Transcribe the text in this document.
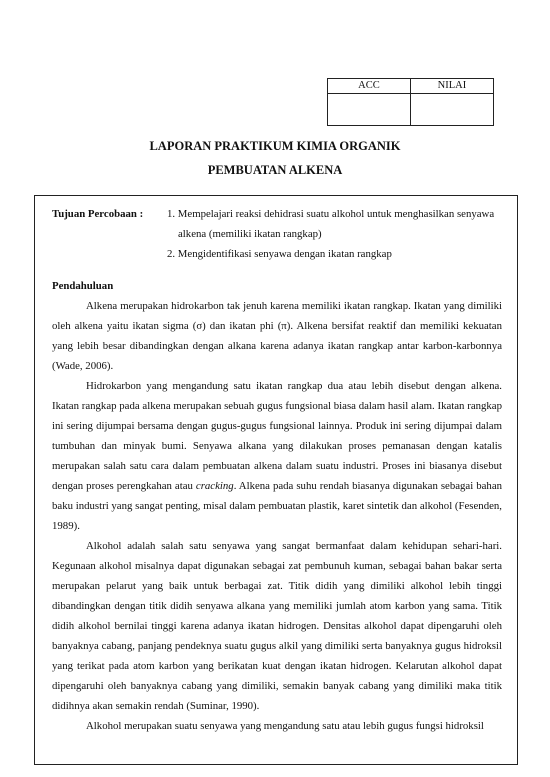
ACC	NILAI

LAPORAN PRAKTIKUM KIMIA ORGANIK
PEMBUATAN ALKENA
Tujuan Percobaan : 1. Mempelajari reaksi dehidrasi suatu alkohol untuk menghasilkan senyawa alkena (memiliki ikatan rangkap)
2. Mengidentifikasi senyawa dengan ikatan rangkap
Pendahuluan

Alkena merupakan hidrokarbon tak jenuh karena memiliki ikatan rangkap. Ikatan yang dimiliki oleh alkena yaitu ikatan sigma (σ) dan ikatan phi (π). Alkena bersifat reaktif dan memiliki kekuatan yang lebih besar dibandingkan dengan alkana karena adanya ikatan rangkap antar karbon-karbonnya (Wade, 2006).

Hidrokarbon yang mengandung satu ikatan rangkap dua atau lebih disebut dengan alkena. Ikatan rangkap pada alkena merupakan sebuah gugus fungsional biasa dalam hasil alam. Ikatan rangkap ini sering dijumpai bersama dengan gugus-gugus fungsional lainnya. Produk ini sering dijumpai dalam tumbuhan dan minyak bumi. Senyawa alkana yang dilakukan proses pemanasan dengan katalis merupakan salah satu cara dalam pembuatan alkena dalam suatu industri. Proses ini biasanya disebut dengan proses perengkahan atau cracking. Alkena pada suhu rendah biasanya digunakan sebagai bahan baku industri yang sangat penting, misal dalam pembuatan plastik, karet sintetik dan alkohol (Fesenden, 1989).

Alkohol adalah salah satu senyawa yang sangat bermanfaat dalam kehidupan sehari-hari. Kegunaan alkohol misalnya dapat digunakan sebagai zat pembunuh kuman, sebagai bahan bakar serta merupakan pelarut yang baik untuk berbagai zat. Titik didih yang dimiliki alkohol lebih tinggi dibandingkan dengan titik didih senyawa alkana yang memiliki jumlah atom karbon yang sama. Titik didih alkohol bernilai tinggi karena adanya ikatan hidrogen. Densitas alkohol dapat dipengaruhi oleh banyaknya cabang, panjang pendeknya suatu gugus alkil yang dimiliki serta banyaknya gugus hidroksil yang terikat pada atom karbon yang berikatan kuat dengan ikatan hidrogen. Kelarutan alkohol dapat dipengaruhi oleh banyaknya cabang yang dimiliki, semakin banyak cabang yang dimiliki maka titik didihnya akan semakin rendah (Suminar, 1990).

Alkohol merupakan suatu senyawa yang mengandung satu atau lebih gugus fungsi hidroksil
